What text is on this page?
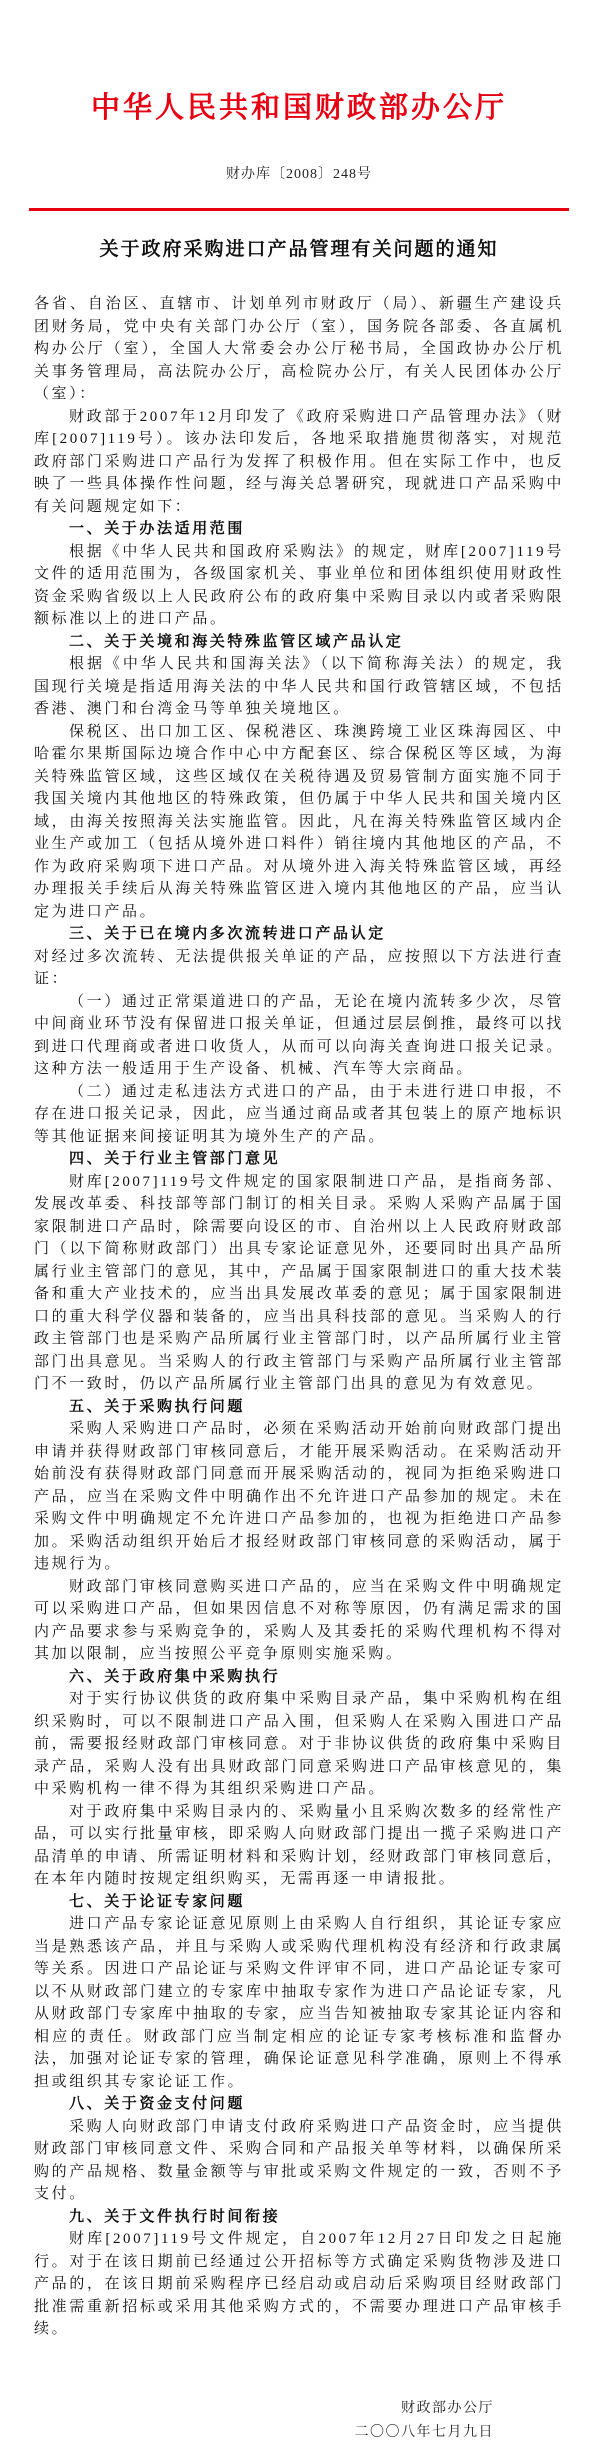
中华人民共和国财政部办公厅
财办库〔2008〕248号
关于政府采购进口产品管理有关问题的通知

各省、自治区、直辖市、计划单列市财政厅（局）、新疆生产建设兵团财务局，党中央有关部门办公厅（室），国务院各部委、各直属机构办公厅（室），全国人大常委会办公厅秘书局，全国政协办公厅机关事务管理局，高法院办公厅，高检院办公厅，有关人民团体办公厅（室）：

财政部于2007年12月印发了《政府采购进口产品管理办法》（财库[2007]119号）。该办法印发后，各地采取措施贯彻落实，对规范政府部门采购进口产品行为发挥了积极作用。但在实际工作中，也反映了一些具体操作性问题，经与海关总署研究，现就进口产品采购中有关问题规定如下：

一、关于办法适用范围

根据《中华人民共和国政府采购法》的规定，财库[2007]119号文件的适用范围为，各级国家机关、事业单位和团体组织使用财政性资金采购省级以上人民政府公布的政府集中采购目录以内或者采购限额标准以上的进口产品。

二、关于关境和海关特殊监管区域产品认定

根据《中华人民共和国海关法》（以下简称海关法）的规定，我国现行关境是指适用海关法的中华人民共和国行政管辖区域，不包括香港、澳门和台湾金马等单独关境地区。

保税区、出口加工区、保税港区、珠澳跨境工业区珠海园区、中哈霍尔果斯国际边境合作中心中方配套区、综合保税区等区域，为海关特殊监管区域，这些区域仅在关税待遇及贸易管制方面实施不同于我国关境内其他地区的特殊政策，但仍属于中华人民共和国关境内区域，由海关按照海关法实施监管。因此，凡在海关特殊监管区域内企业生产或加工（包括从境外进口料件）销往境内其他地区的产品，不作为政府采购项下进口产品。对从境外进入海关特殊监管区域，再经办理报关手续后从海关特殊监管区进入境内其他地区的产品，应当认定为进口产品。

三、关于已在境内多次流转进口产品认定

对经过多次流转、无法提供报关单证的产品，应按照以下方法进行查证：

（一）通过正常渠道进口的产品，无论在境内流转多少次，尽管中间商业环节没有保留进口报关单证，但通过层层倒推，最终可以找到进口代理商或者进口收货人，从而可以向海关查询进口报关记录。这种方法一般适用于生产设备、机械、汽车等大宗商品。

（二）通过走私违法方式进口的产品，由于未进行进口申报，不存在进口报关记录，因此，应当通过商品或者其包装上的原产地标识等其他证据来间接证明其为境外生产的产品。

四、关于行业主管部门意见

财库[2007]119号文件规定的国家限制进口产品，是指商务部、发展改革委、科技部等部门制订的相关目录。采购人采购产品属于国家限制进口产品时，除需要向设区的市、自治州以上人民政府财政部门（以下简称财政部门）出具专家论证意见外，还要同时出具产品所属行业主管部门的意见，其中，产品属于国家限制进口的重大技术装备和重大产业技术的，应当出具发展改革委的意见；属于国家限制进口的重大科学仪器和装备的，应当出具科技部的意见。当采购人的行政主管部门也是采购产品所属行业主管部门时，以产品所属行业主管部门出具意见。当采购人的行政主管部门与采购产品所属行业主管部门不一致时，仍以产品所属行业主管部门出具的意见为有效意见。

五、关于采购执行问题

采购人采购进口产品时，必须在采购活动开始前向财政部门提出申请并获得财政部门审核同意后，才能开展采购活动。在采购活动开始前没有获得财政部门同意而开展采购活动的，视同为拒绝采购进口产品，应当在采购文件中明确作出不允许进口产品参加的规定。未在采购文件中明确规定不允许进口产品参加的，也视为拒绝进口产品参加。采购活动组织开始后才报经财政部门审核同意的采购活动，属于违规行为。

财政部门审核同意购买进口产品的，应当在采购文件中明确规定可以采购进口产品，但如果因信息不对称等原因，仍有满足需求的国内产品要求参与采购竞争的，采购人及其委托的采购代理机构不得对其加以限制，应当按照公平竞争原则实施采购。

六、关于政府集中采购执行

对于实行协议供货的政府集中采购目录产品，集中采购机构在组织采购时，可以不限制进口产品入围，但采购人在采购入围进口产品前，需要报经财政部门审核同意。对于非协议供货的政府集中采购目录产品，采购人没有出具财政部门同意采购进口产品审核意见的，集中采购机构一律不得为其组织采购进口产品。

对于政府集中采购目录内的、采购量小且采购次数多的经常性产品，可以实行批量审核，即采购人向财政部门提出一揽子采购进口产品清单的申请、所需证明材料和采购计划，经财政部门审核同意后，在本年内随时按规定组织购买，无需再逐一申请报批。

七、关于论证专家问题

进口产品专家论证意见原则上由采购人自行组织，其论证专家应当是熟悉该产品，并且与采购人或采购代理机构没有经济和行政隶属等关系。因进口产品论证与采购文件评审不同，进口产品论证专家可以不从财政部门建立的专家库中抽取专家作为进口产品论证专家，凡从财政部门专家库中抽取的专家，应当告知被抽取专家其论证内容和相应的责任。财政部门应当制定相应的论证专家考核标准和监督办法，加强对论证专家的管理，确保论证意见科学准确，原则上不得承担或组织其专家论证工作。

八、关于资金支付问题

采购人向财政部门申请支付政府采购进口产品资金时，应当提供财政部门审核同意文件、采购合同和产品报关单等材料，以确保所采购的产品规格、数量金额等与审批或采购文件规定的一致，否则不予支付。

九、关于文件执行时间衔接

财库[2007]119号文件规定，自2007年12月27日印发之日起施行。对于在该日期前已经通过公开招标等方式确定采购货物涉及进口产品的，在该日期前采购程序已经启动或启动后采购项目经财政部门批准需重新招标或采用其他采购方式的，不需要办理进口产品审核手续。

财政部办公厅
二〇〇八年七月九日
